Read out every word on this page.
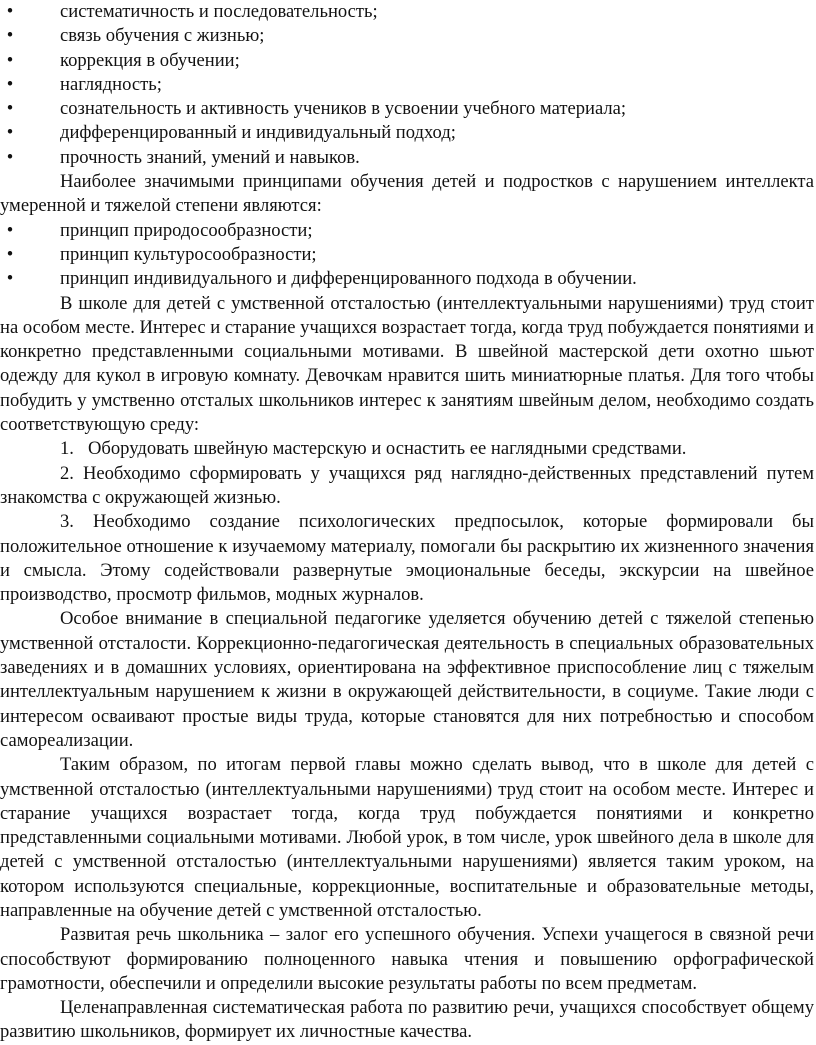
•	систематичность и последовательность;
•	связь обучения с жизнью;
•	коррекция в обучении;
•	наглядность;
•	сознательность и активность учеников в усвоении учебного материала;
•	дифференцированный и индивидуальный подход;
•	прочность знаний, умений и навыков.

Наиболее значимыми принципами обучения детей и подростков с нарушением интеллекта умеренной и тяжелой степени являются:

•	принцип природосообразности;
•	принцип культуросообразности;
•	принцип индивидуального и дифференцированного подхода в обучении.

В школе для детей с умственной отсталостью (интеллектуальными нарушениями) труд стоит на особом месте. Интерес и старание учащихся возрастает тогда, когда труд побуждается понятиями и конкретно представленными социальными мотивами. В швейной мастерской дети охотно шьют одежду для кукол в игровую комнату. Девочкам нравится шить миниатюрные платья. Для того чтобы побудить у умственно отсталых школьников интерес к занятиям швейным делом, необходимо создать соответствующую среду:

1. Оборудовать швейную мастерскую и оснастить ее наглядными средствами.

2. Необходимо сформировать у учащихся ряд наглядно-действенных представлений путем знакомства с окружающей жизнью.

3. Необходимо создание психологических предпосылок, которые формировали бы положительное отношение к изучаемому материалу, помогали бы раскрытию их жизненного значения и смысла. Этому содействовали развернутые эмоциональные беседы, экскурсии на швейное производство, просмотр фильмов, модных журналов.

Особое внимание в специальной педагогике уделяется обучению детей с тяжелой степенью умственной отсталости. Коррекционно-педагогическая деятельность в специальных образовательных заведениях и в домашних условиях, ориентирована на эффективное приспособление лиц с тяжелым интеллектуальным нарушением к жизни в окружающей действительности, в социуме. Такие люди с интересом осваивают простые виды труда, которые становятся для них потребностью и способом самореализации.

Таким образом, по итогам первой главы можно сделать вывод, что в школе для детей с умственной отсталостью (интеллектуальными нарушениями) труд стоит на особом месте. Интерес и старание учащихся возрастает тогда, когда труд побуждается понятиями и конкретно представленными социальными мотивами. Любой урок, в том числе, урок швейного дела в школе для детей с умственной отсталостью (интеллектуальными нарушениями) является таким уроком, на котором используются специальные, коррекционные, воспитательные и образовательные методы, направленные на обучение детей с умственной отсталостью.

Развитая речь школьника – залог его успешного обучения. Успехи учащегося в связной речи способствуют формированию полноценного навыка чтения и повышению орфографической грамотности, обеспечили и определили высокие результаты работы по всем предметам.

Целенаправленная систематическая работа по развитию речи, учащихся способствует общему развитию школьников, формирует их личностные качества.
